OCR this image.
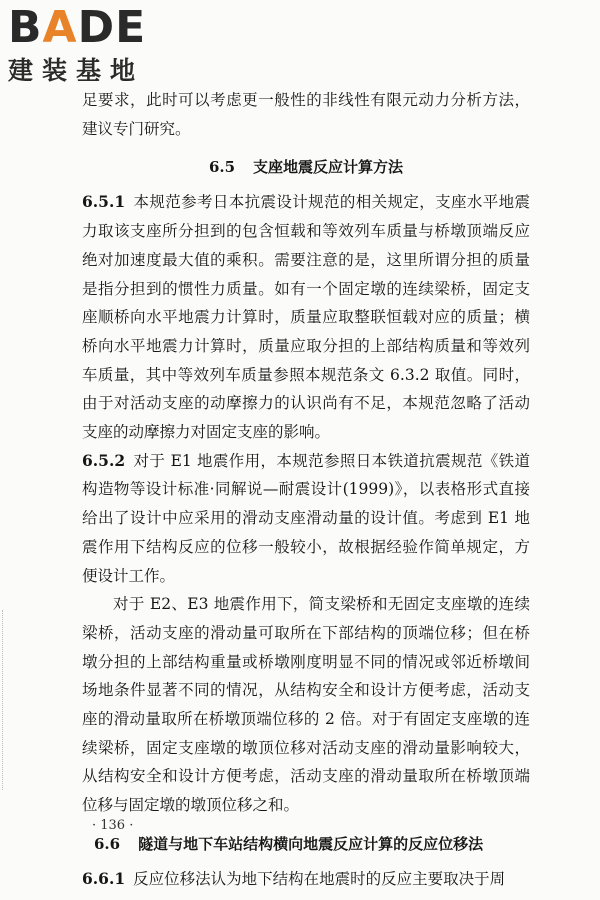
BADE
建装基地

足要求，此时可以考虑更一般性的非线性有限元动力分析方法，建议专门研究。

6.5 支座地震反应计算方法

6.5.1 本规范参考日本抗震设计规范的相关规定，支座水平地震力取该支座所分担到的包含恒载和等效列车质量与桥墩顶端反应绝对加速度最大值的乘积。需要注意的是，这里所谓分担的质量是指分担到的惯性力质量。如有一个固定墩的连续梁桥，固定支座顺桥向水平地震力计算时，质量应取整联恒载对应的质量；横桥向水平地震力计算时，质量应取分担的上部结构质量和等效列车质量，其中等效列车质量参照本规范条文 6.3.2 取值。同时，由于对活动支座的动摩擦力的认识尚有不足，本规范忽略了活动支座的动摩擦力对固定支座的影响。

6.5.2 对于 E1 地震作用，本规范参照日本铁道抗震规范《铁道构造物等设计标准·同解说—耐震设计(1999)》，以表格形式直接给出了设计中应采用的滑动支座滑动量的设计值。考虑到 E1 地震作用下结构反应的位移一般较小，故根据经验作简单规定，方便设计工作。

对于 E2、E3 地震作用下，简支梁桥和无固定支座墩的连续梁桥，活动支座的滑动量可取所在下部结构的顶端位移；但在桥墩分担的上部结构重量或桥墩刚度明显不同的情况或邻近桥墩间场地条件显著不同的情况，从结构安全和设计方便考虑，活动支座的滑动量取所在桥墩顶端位移的 2 倍。对于有固定支座墩的连续梁桥，固定支座墩的墩顶位移对活动支座的滑动量影响较大，从结构安全和设计方便考虑，活动支座的滑动量取所在桥墩顶端位移与固定墩的墩顶位移之和。

6.6 隧道与地下车站结构横向地震反应计算的反应位移法

6.6.1 反应位移法认为地下结构在地震时的反应主要取决于周

· 136 ·
